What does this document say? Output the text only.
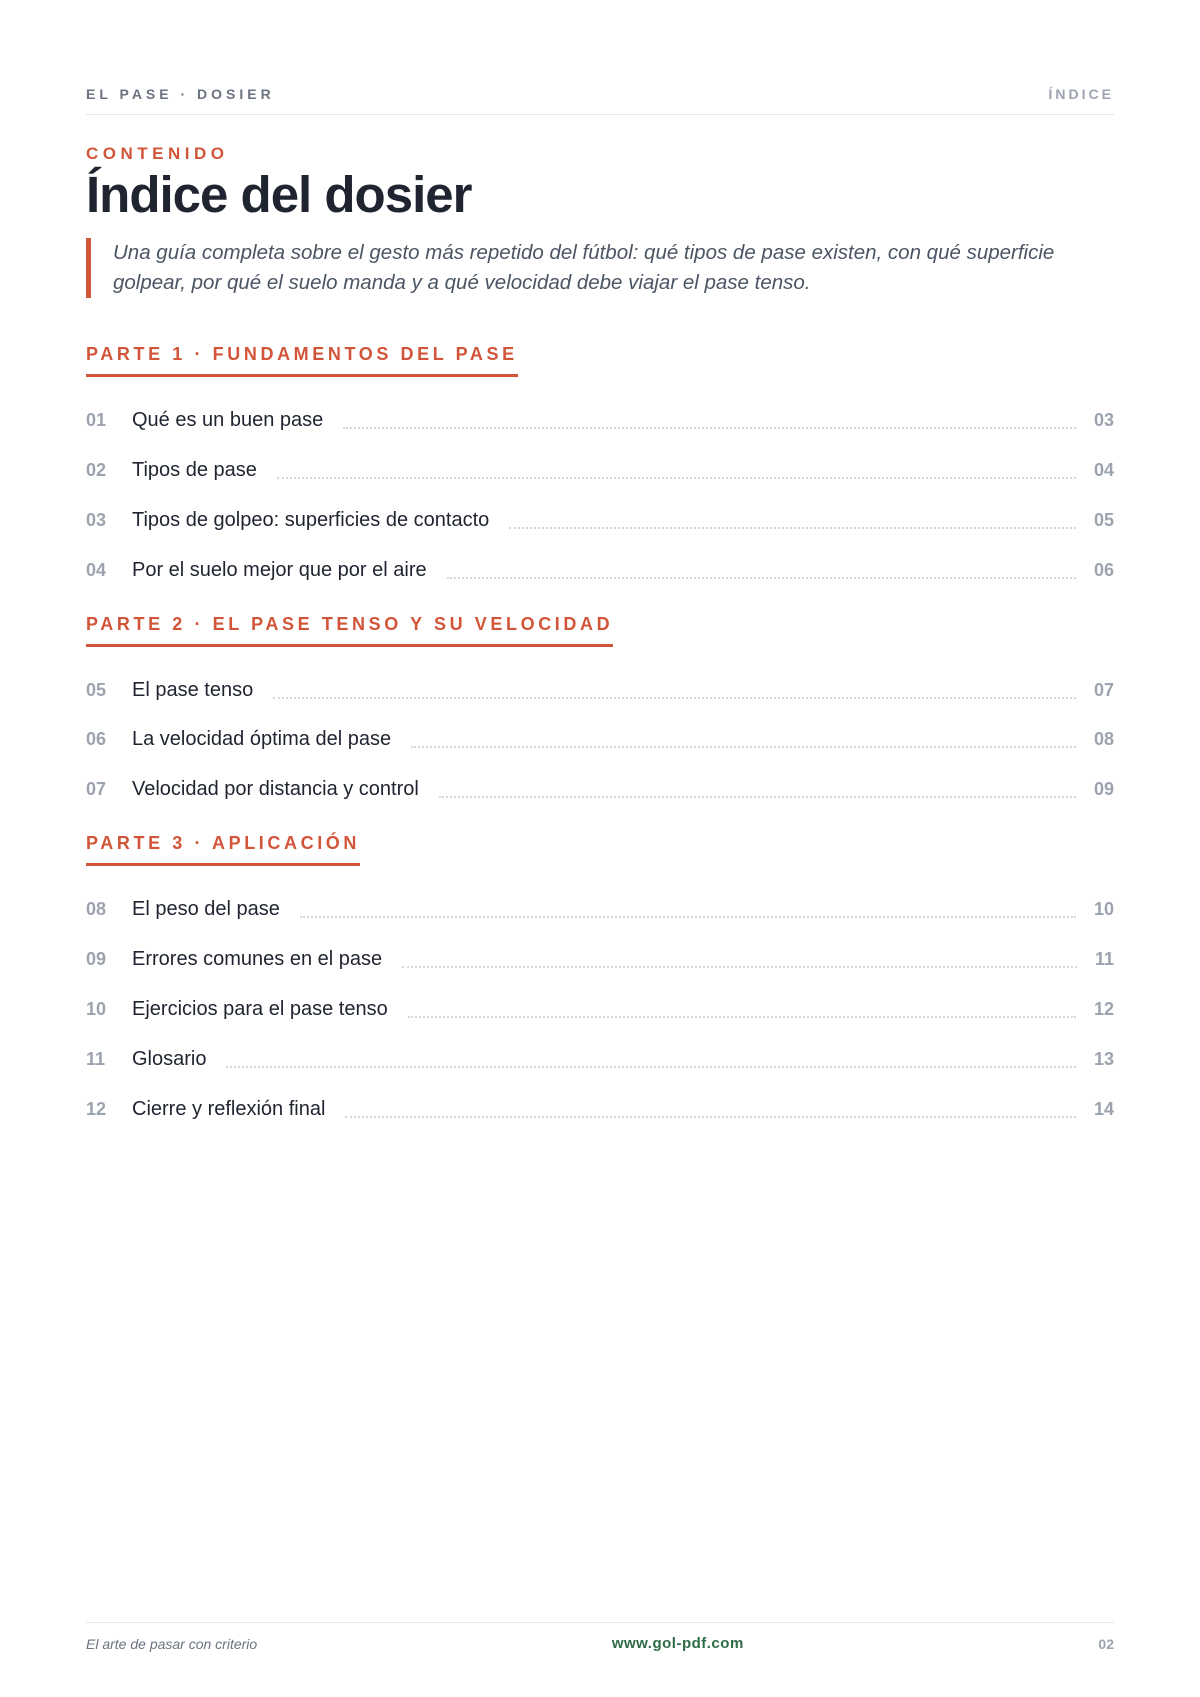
EL PASE · DOSIER	ÍNDICE
CONTENIDO
Índice del dosier
Una guía completa sobre el gesto más repetido del fútbol: qué tipos de pase existen, con qué superficie golpear, por qué el suelo manda y a qué velocidad debe viajar el pase tenso.
PARTE 1 · FUNDAMENTOS DEL PASE
01	Qué es un buen pase	03
02	Tipos de pase	04
03	Tipos de golpeo: superficies de contacto	05
04	Por el suelo mejor que por el aire	06
PARTE 2 · EL PASE TENSO Y SU VELOCIDAD
05	El pase tenso	07
06	La velocidad óptima del pase	08
07	Velocidad por distancia y control	09
PARTE 3 · APLICACIÓN
08	El peso del pase	10
09	Errores comunes en el pase	11
10	Ejercicios para el pase tenso	12
11	Glosario	13
12	Cierre y reflexión final	14
El arte de pasar con criterio	www.gol-pdf.com	02
